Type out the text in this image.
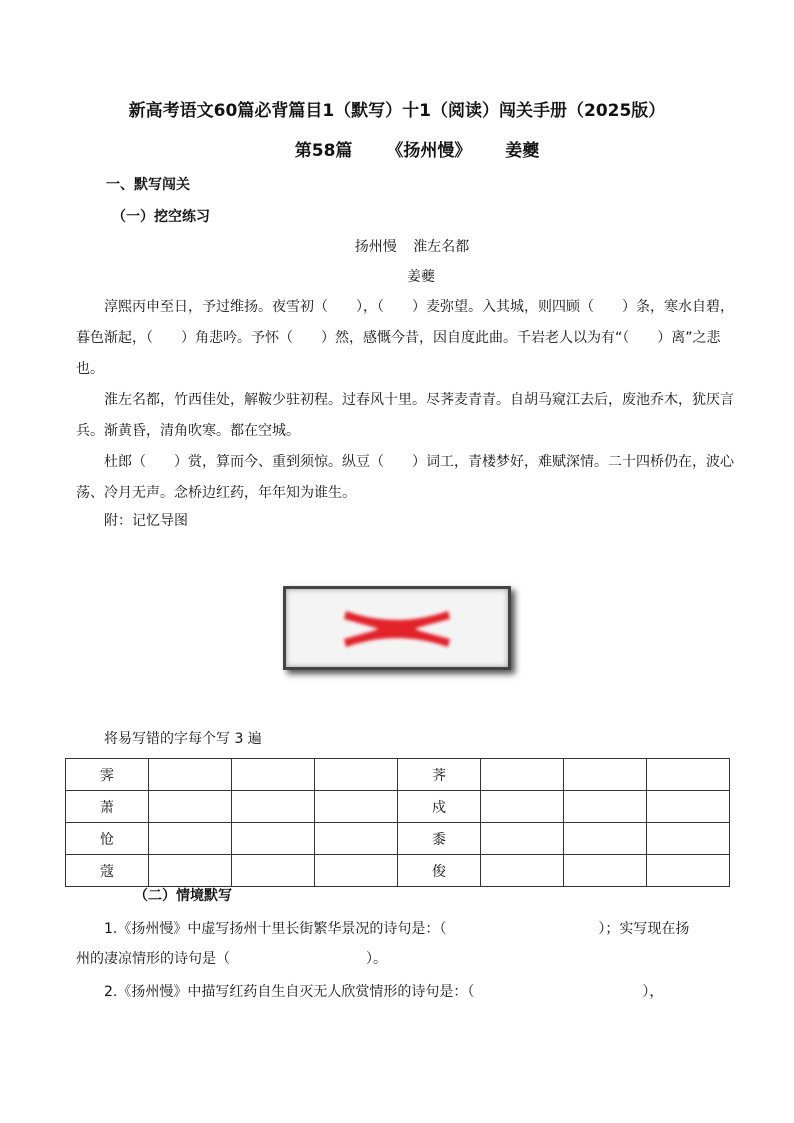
新高考语文60篇必背篇目1（默写）十1（阅读）闯关手册（2025版）
第58篇 《扬州慢》 姜夔
一、默写闯关
（一）挖空练习
扬州慢 淮左名都
姜夔

淳熙丙申至日，予过维扬。夜雪初（　　），（　　）麦弥望。入其城，则四顾（　　）条，寒水自碧，暮色渐起，（　　）角悲吟。予怀（　　）然，感慨今昔，因自度此曲。千岩老人以为有“（　　）离”之悲也。

淮左名都，竹西佳处，解鞍少驻初程。过春风十里。尽荠麦青青。自胡马窥江去后，废池乔木，犹厌言兵。渐黄昏，清角吹寒。都在空城。

杜郎（　　）赏，算而今、重到须惊。纵豆（　　）词工，青楼梦好，难赋深情。二十四桥仍在，波心荡、冷月无声。念桥边红药，年年知为谁生。

附：记忆导图
将易写错的字每个写 3 遍
霁				荠			
萧				戍			
怆				黍			
蔻				俊			
（二）情境默写
1.《扬州慢》中虚写扬州十里长街繁华景况的诗句是：（	）；实写现在扬
州的凄凉情形的诗句是（	）。
2.《扬州慢》中描写红药自生自灭无人欣赏情形的诗句是：（	），
